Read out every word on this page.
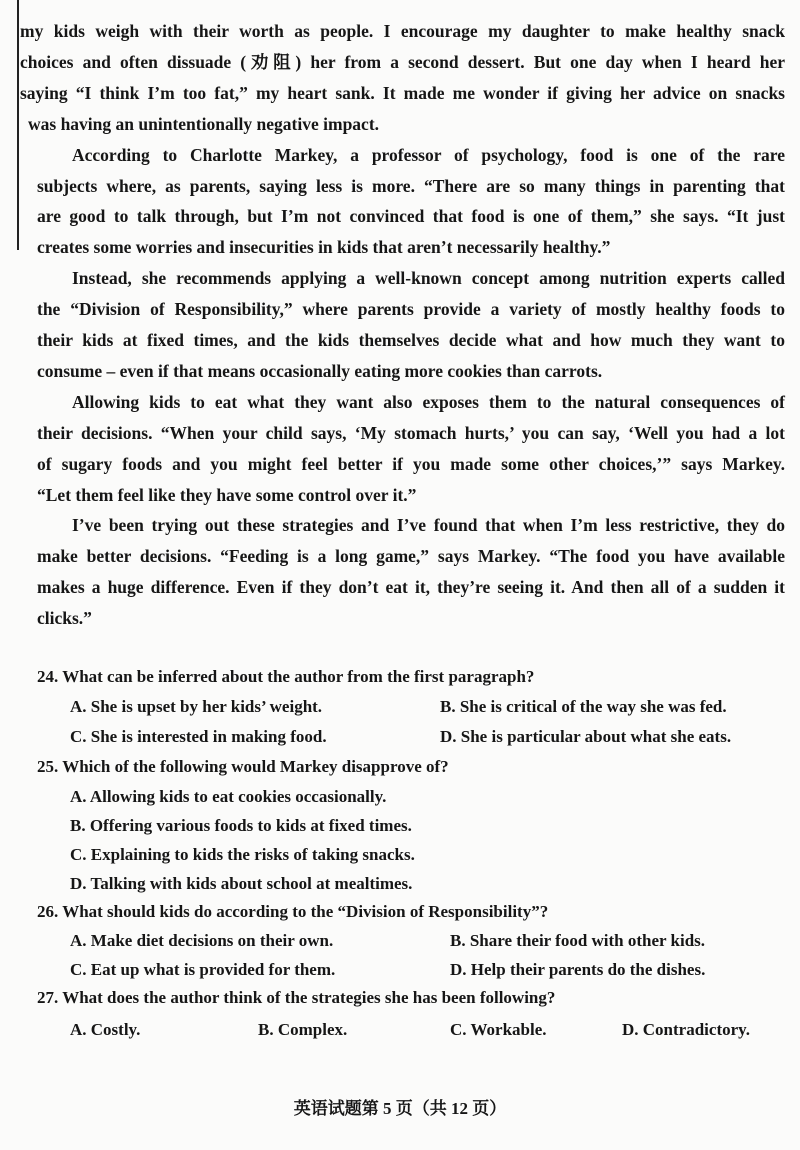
my kids weigh with their worth as people. I encourage my daughter to make healthy snack
choices and often dissuade (劝阻) her from a second dessert. But one day when I heard her
saying “I think I’m too fat,” my heart sank. It made me wonder if giving her advice on snacks
was having an unintentionally negative impact.
According to Charlotte Markey, a professor of psychology, food is one of the rare
subjects where, as parents, saying less is more. “There are so many things in parenting that
are good to talk through, but I’m not convinced that food is one of them,” she says. “It just
creates some worries and insecurities in kids that aren’t necessarily healthy.”
Instead, she recommends applying a well-known concept among nutrition experts called
the “Division of Responsibility,” where parents provide a variety of mostly healthy foods to
their kids at fixed times, and the kids themselves decide what and how much they want to
consume – even if that means occasionally eating more cookies than carrots.
Allowing kids to eat what they want also exposes them to the natural consequences of
their decisions. “When your child says, ‘My stomach hurts,’ you can say, ‘Well you had a lot
of sugary foods and you might feel better if you made some other choices,’” says Markey.
“Let them feel like they have some control over it.”
I’ve been trying out these strategies and I’ve found that when I’m less restrictive, they do
make better decisions. “Feeding is a long game,” says Markey. “The food you have available
makes a huge difference. Even if they don’t eat it, they’re seeing it. And then all of a sudden it
clicks.”
24. What can be inferred about the author from the first paragraph?
A. She is upset by her kids’ weight.	B. She is critical of the way she was fed.
C. She is interested in making food.	D. She is particular about what she eats.
25. Which of the following would Markey disapprove of?
A. Allowing kids to eat cookies occasionally.
B. Offering various foods to kids at fixed times.
C. Explaining to kids the risks of taking snacks.
D. Talking with kids about school at mealtimes.
26. What should kids do according to the “Division of Responsibility”?
A. Make diet decisions on their own.	B. Share their food with other kids.
C. Eat up what is provided for them.	D. Help their parents do the dishes.
27. What does the author think of the strategies she has been following?
A. Costly.	B. Complex.	C. Workable.	D. Contradictory.
英语试题第 5 页（共 12 页）
